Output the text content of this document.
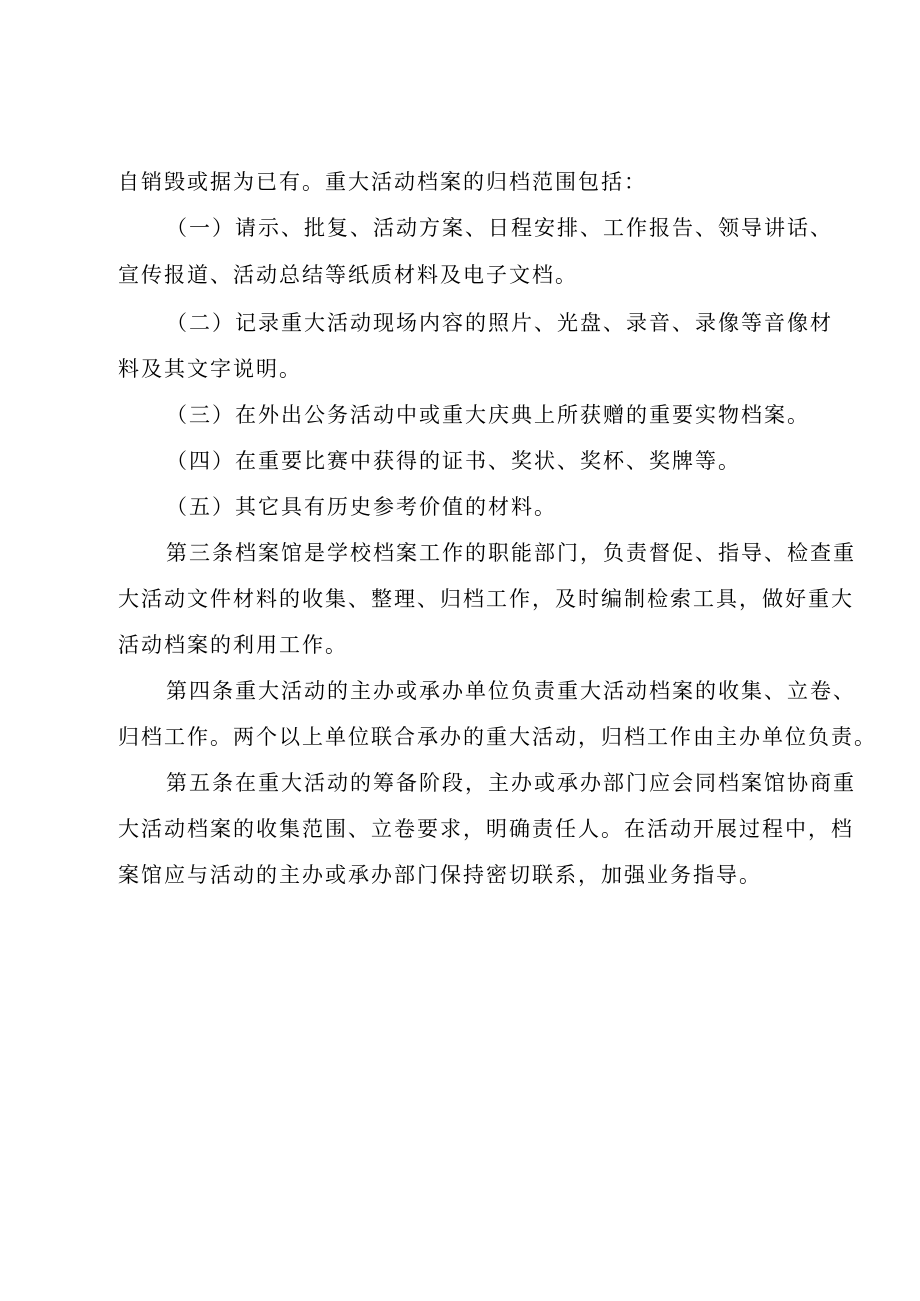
自销毁或据为已有。重大活动档案的归档范围包括：
（一）请示、批复、活动方案、日程安排、工作报告、领导讲话、
宣传报道、活动总结等纸质材料及电子文档。
（二）记录重大活动现场内容的照片、光盘、录音、录像等音像材
料及其文字说明。
（三）在外出公务活动中或重大庆典上所获赠的重要实物档案。
（四）在重要比赛中获得的证书、奖状、奖杯、奖牌等。
（五）其它具有历史参考价值的材料。
第三条档案馆是学校档案工作的职能部门，负责督促、指导、检查重
大活动文件材料的收集、整理、归档工作，及时编制检索工具，做好重大
活动档案的利用工作。
第四条重大活动的主办或承办单位负责重大活动档案的收集、立卷、
归档工作。两个以上单位联合承办的重大活动，归档工作由主办单位负责。
第五条在重大活动的筹备阶段，主办或承办部门应会同档案馆协商重
大活动档案的收集范围、立卷要求，明确责任人。在活动开展过程中，档
案馆应与活动的主办或承办部门保持密切联系，加强业务指导。
